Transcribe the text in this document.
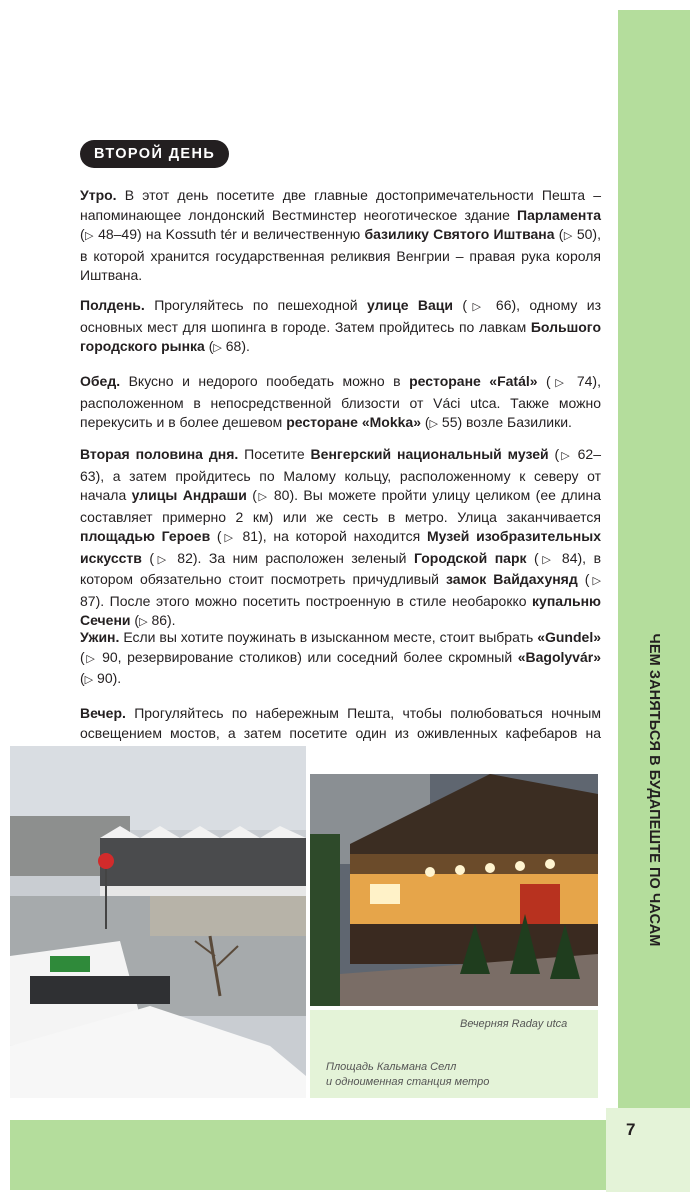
ЧЕМ ЗАНЯТЬСЯ В БУДАПЕШТЕ ПО ЧАСАМ
7
ВТОРОЙ ДЕНЬ
Утро. В этот день посетите две главные достопримечательности Пешта – напоминающее лондонский Вестминстер неоготическое здание Парламента (▷ 48–49) на Kossuth tér и величественную базилику Святого Иштвана (▷ 50), в которой хранится государственная реликвия Венгрии – правая рука короля Иштвана.
Полдень. Прогуляйтесь по пешеходной улице Ваци (▷ 66), одному из основных мест для шопинга в городе. Затем пройдитесь по лавкам Большого городского рынка (▷ 68).
Обед. Вкусно и недорого пообедать можно в ресторане «Fatál» (▷ 74), расположенном в непосредственной близости от Váci utca. Также можно перекусить и в более дешевом ресторане «Mokka» (▷ 55) возле Базилики.
Вторая половина дня. Посетите Венгерский национальный музей (▷ 62–63), а затем пройдитесь по Малому кольцу, расположенному к северу от начала улицы Андраши (▷ 80). Вы можете пройти улицу целиком (ее длина составляет примерно 2 км) или же сесть в метро. Улица заканчивается площадью Героев (▷ 81), на которой находится Музей изобразительных искусств (▷ 82). За ним расположен зеленый Городской парк (▷ 84), в котором обязательно стоит посмотреть причудливый замок Вайдахуняд (▷ 87). После этого можно посетить построенную в стиле необарокко купальню Сечени (▷ 86).
Ужин. Если вы хотите поужинать в изысканном месте, стоит выбрать «Gundel» (▷ 90, резервирование столиков) или соседний более скромный «Bagolyvár» (▷ 90).
Вечер. Прогуляйтесь по набережным Пешта, чтобы полюбоваться ночным освещением мостов, а затем посетите один из оживленных кафебаров на
Вечерняя Raday utca
Площадь Кальмана Селл
и одноименная станция метро
